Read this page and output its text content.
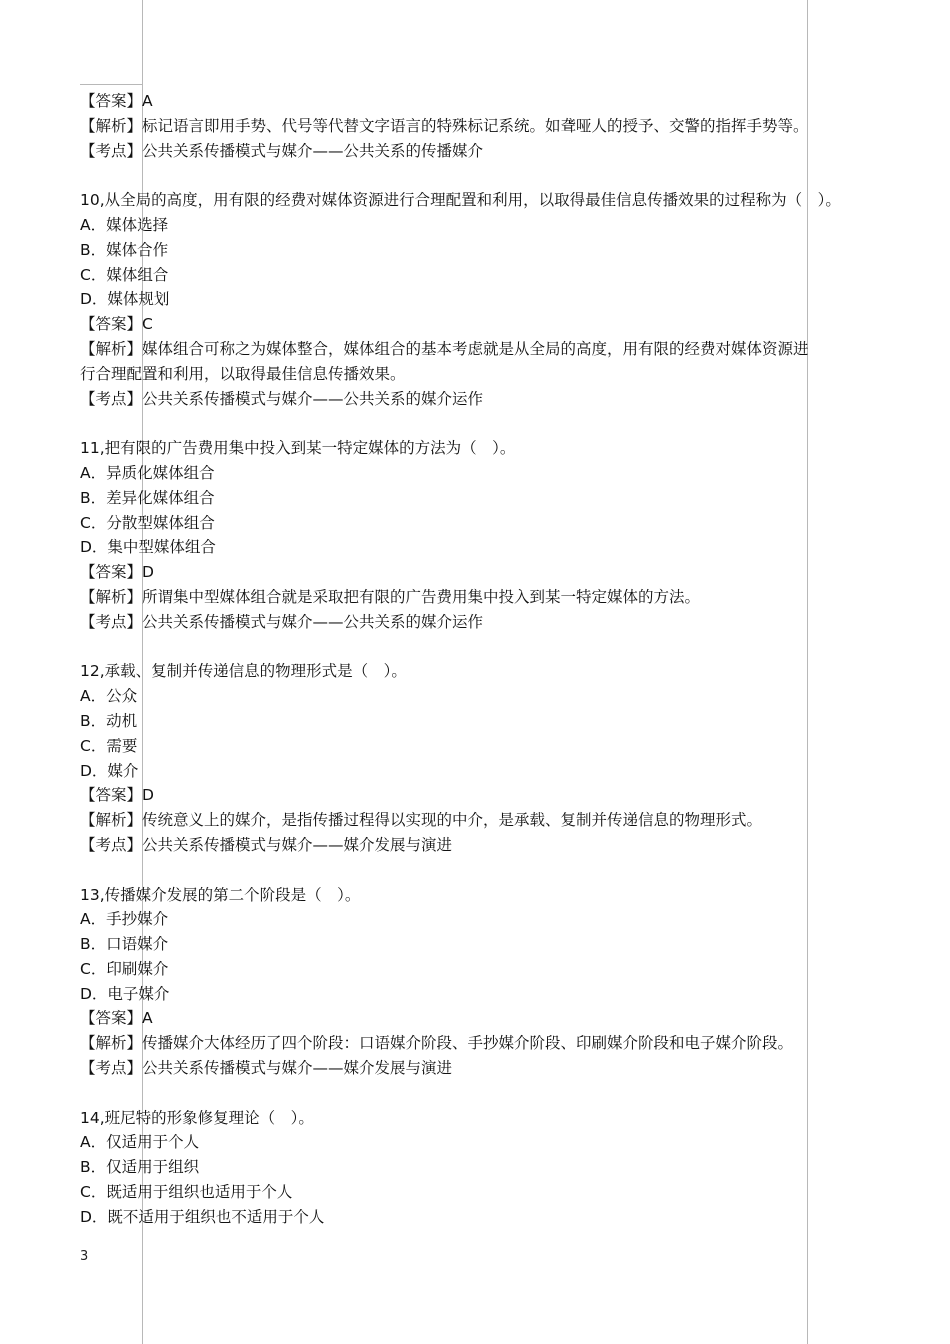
【答案】A
【解析】标记语言即用手势、代号等代替文字语言的特殊标记系统。如聋哑人的授予、交警的指挥手势等。
【考点】公共关系传播模式与媒介——公共关系的传播媒介
10,从全局的高度，用有限的经费对媒体资源进行合理配置和利用，以取得最佳信息传播效果的过程称为（　）。
A．媒体选择
B．媒体合作
C．媒体组合
D．媒体规划
【答案】C
【解析】媒体组合可称之为媒体整合，媒体组合的基本考虑就是从全局的高度，用有限的经费对媒体资源进
行合理配置和利用，以取得最佳信息传播效果。
【考点】公共关系传播模式与媒介——公共关系的媒介运作
11,把有限的广告费用集中投入到某一特定媒体的方法为（　）。
A．异质化媒体组合
B．差异化媒体组合
C．分散型媒体组合
D．集中型媒体组合
【答案】D
【解析】所谓集中型媒体组合就是采取把有限的广告费用集中投入到某一特定媒体的方法。
【考点】公共关系传播模式与媒介——公共关系的媒介运作
12,承载、复制并传递信息的物理形式是（　）。
A．公众
B．动机
C．需要
D．媒介
【答案】D
【解析】传统意义上的媒介，是指传播过程得以实现的中介，是承载、复制并传递信息的物理形式。
【考点】公共关系传播模式与媒介——媒介发展与演进
13,传播媒介发展的第二个阶段是（　）。
A．手抄媒介
B．口语媒介
C．印刷媒介
D．电子媒介
【答案】A
【解析】传播媒介大体经历了四个阶段：口语媒介阶段、手抄媒介阶段、印刷媒介阶段和电子媒介阶段。
【考点】公共关系传播模式与媒介——媒介发展与演进
14,班尼特的形象修复理论（　）。
A．仅适用于个人
B．仅适用于组织
C．既适用于组织也适用于个人
D．既不适用于组织也不适用于个人
3
